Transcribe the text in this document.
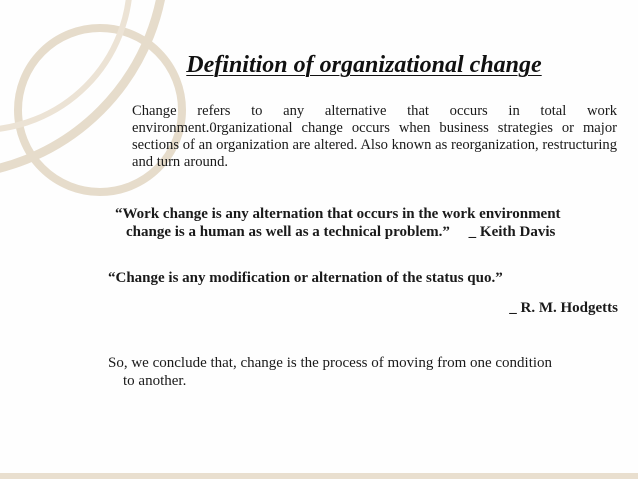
Definition of organizational change
Change refers to any alternative that occurs in total work environment.0rganizational change occurs when business strategies or major sections of an organization are altered. Also known as reorganization, restructuring and turn around.
“Work change is any alternation that occurs in the work environment
change is a human as well as a technical problem.”     _ Keith Davis
“Change is any modification or alternation of the status quo.”
_ R. M. Hodgetts
So, we conclude that, change is the process of moving from one condition
to another.
